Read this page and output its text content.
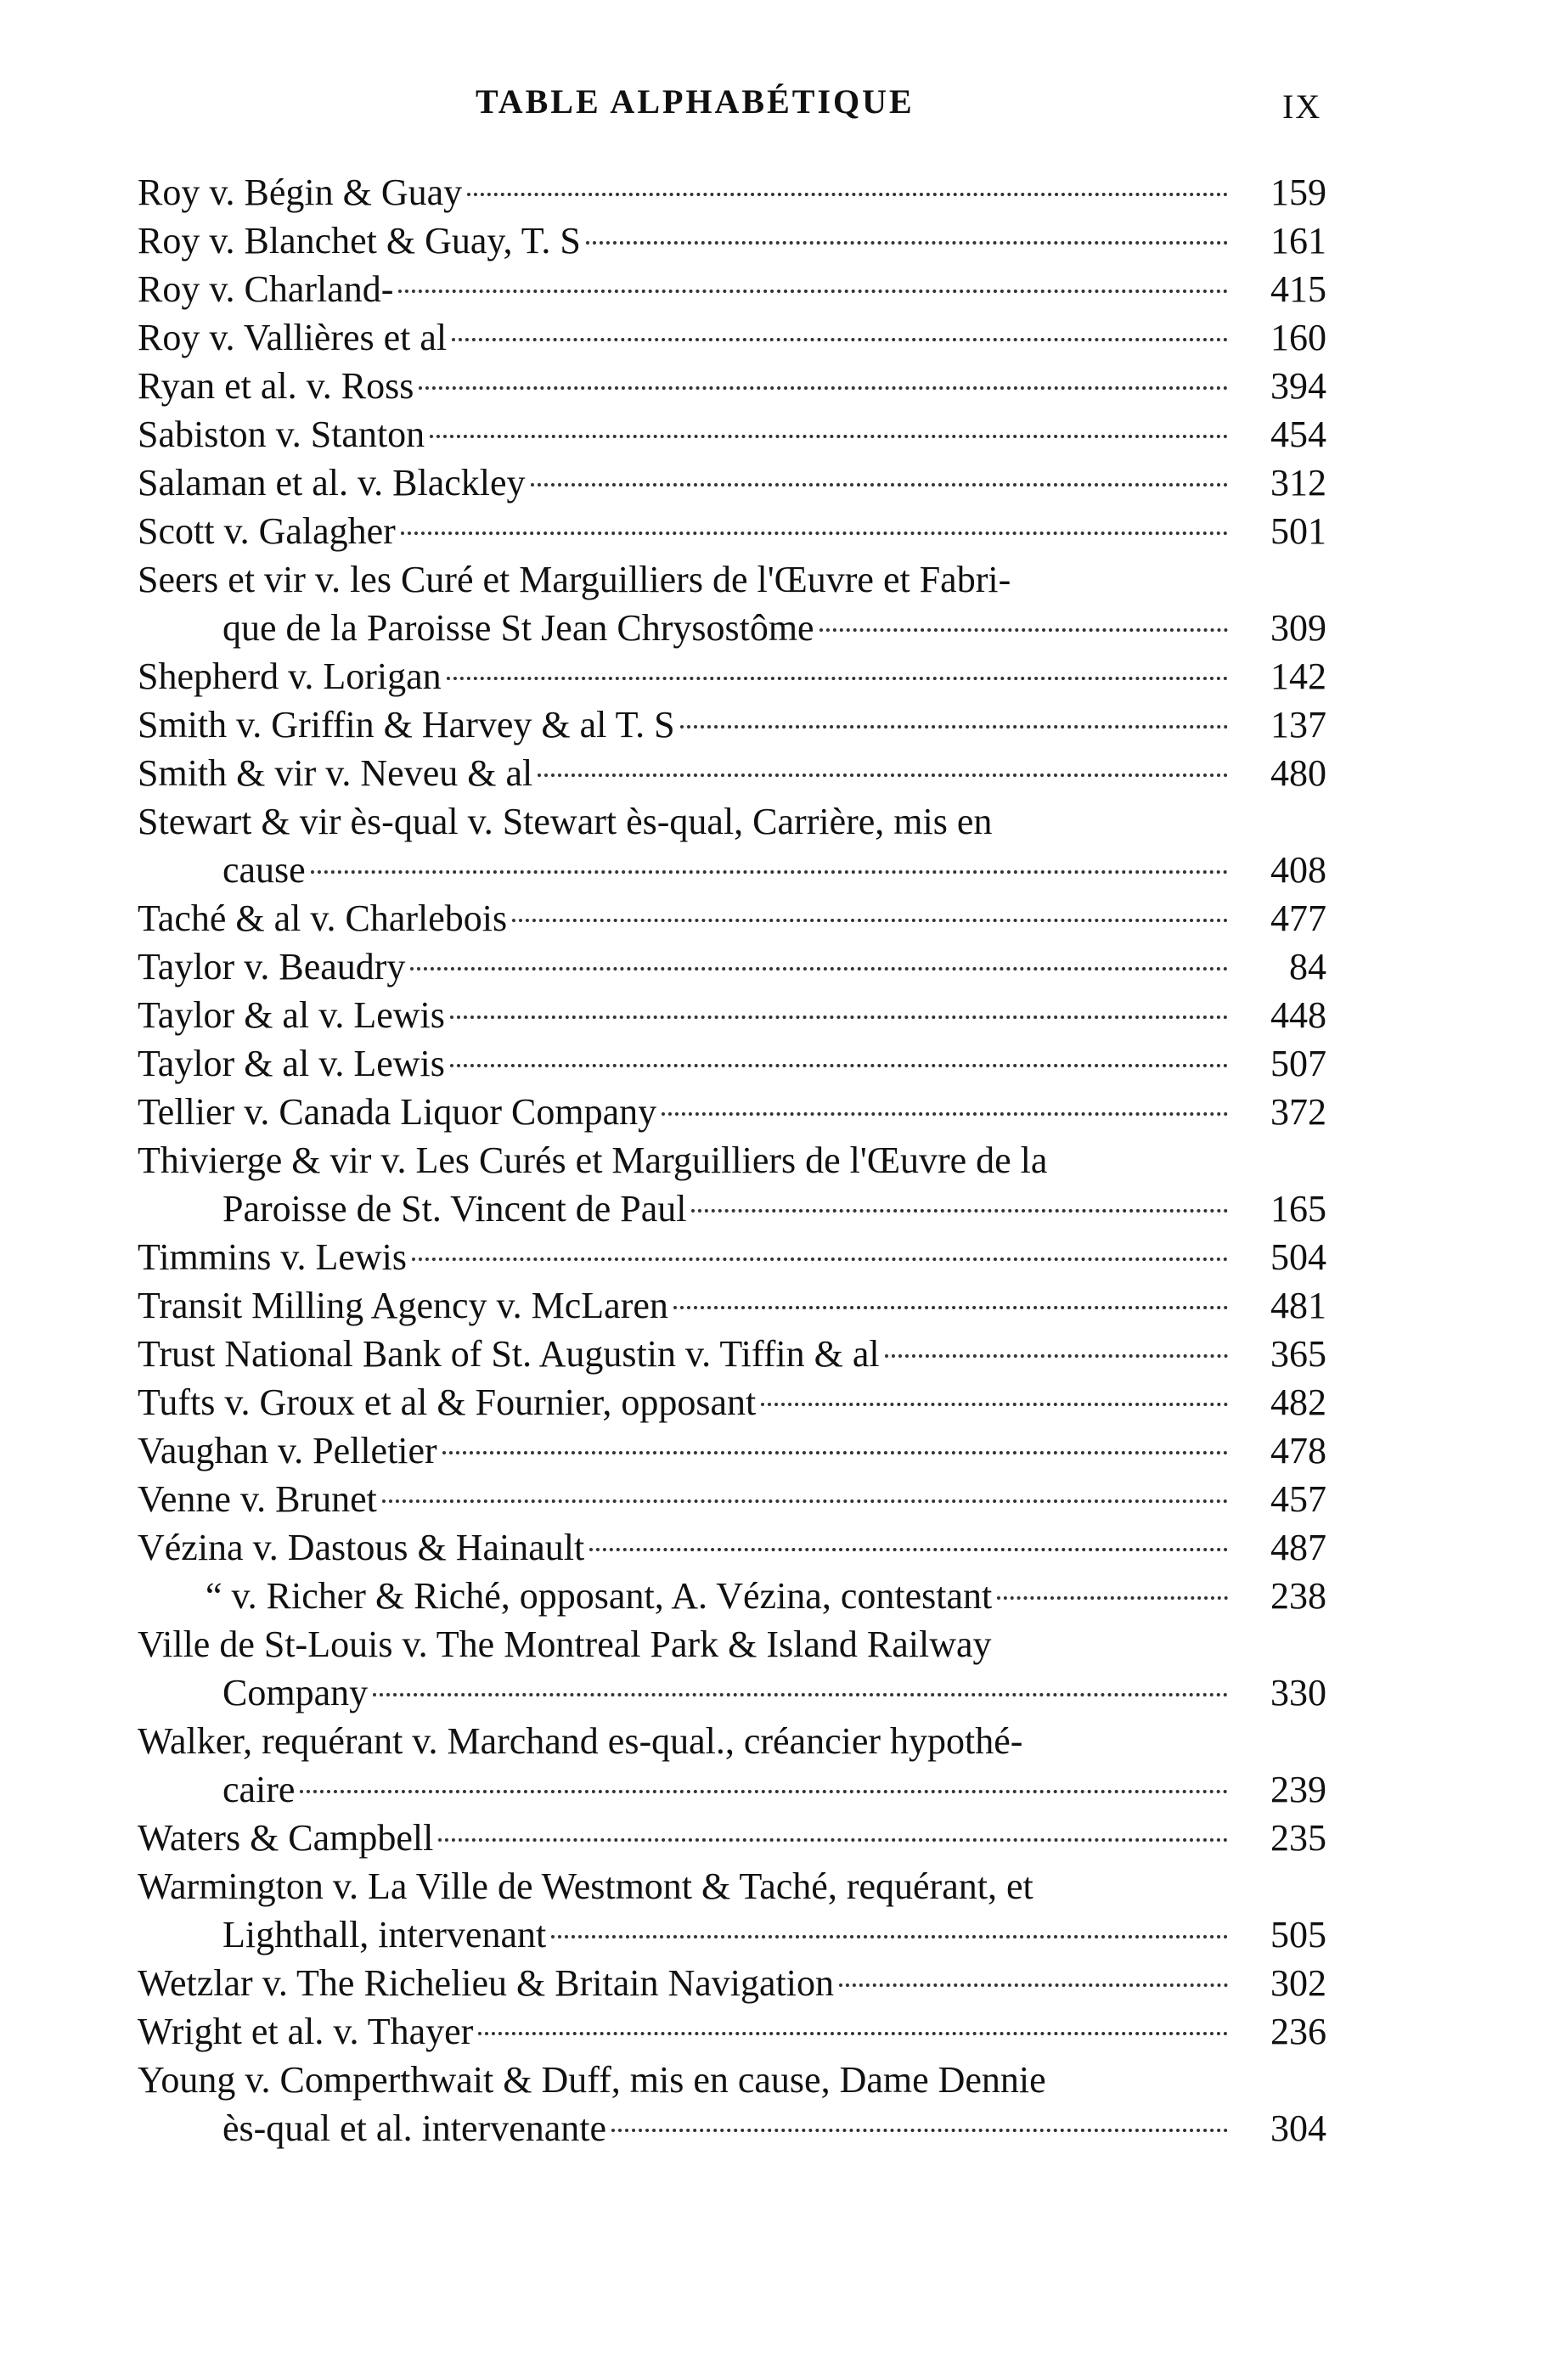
TABLE ALPHABÉTIQUE	IX
Roy v. Bégin & Guay	159
Roy v. Blanchet & Guay, T. S	161
Roy v. Charland-	415
Roy v. Vallières et al	160
Ryan et al. v. Ross	394
Sabiston v. Stanton	454
Salaman et al. v. Blackley	312
Scott v. Galagher	501
Seers et vir v. les Curé et Marguilliers de l'Œuvre et Fabri-
que de la Paroisse St Jean Chrysostôme	309
Shepherd v. Lorigan	142
Smith v. Griffin & Harvey & al T. S	137
Smith & vir v. Neveu & al	480
Stewart & vir ès-qual v. Stewart ès-qual, Carrière, mis en
cause	408
Taché & al v. Charlebois	477
Taylor v. Beaudry	84
Taylor & al v. Lewis	448
Taylor & al v. Lewis	507
Tellier v. Canada Liquor Company	372
Thivierge & vir v. Les Curés et Marguilliers de l'Œuvre de la
Paroisse de St. Vincent de Paul	165
Timmins v. Lewis	504
Transit Milling Agency v. McLaren	481
Trust National Bank of St. Augustin v. Tiffin & al	365
Tufts v. Groux et al & Fournier, opposant	482
Vaughan v. Pelletier	478
Venne v. Brunet	457
Vézina v. Dastous & Hainault	487
“ v. Richer & Riché, opposant, A. Vézina, contestant	238
Ville de St-Louis v. The Montreal Park & Island Railway
Company	330
Walker, requérant v. Marchand es-qual., créancier hypothé-
caire	239
Waters & Campbell	235
Warmington v. La Ville de Westmont & Taché, requérant, et
Lighthall, intervenant	505
Wetzlar v. The Richelieu & Britain Navigation	302
Wright et al. v. Thayer	236
Young v. Comperthwait & Duff, mis en cause, Dame Dennie
ès-qual et al. intervenante	304
